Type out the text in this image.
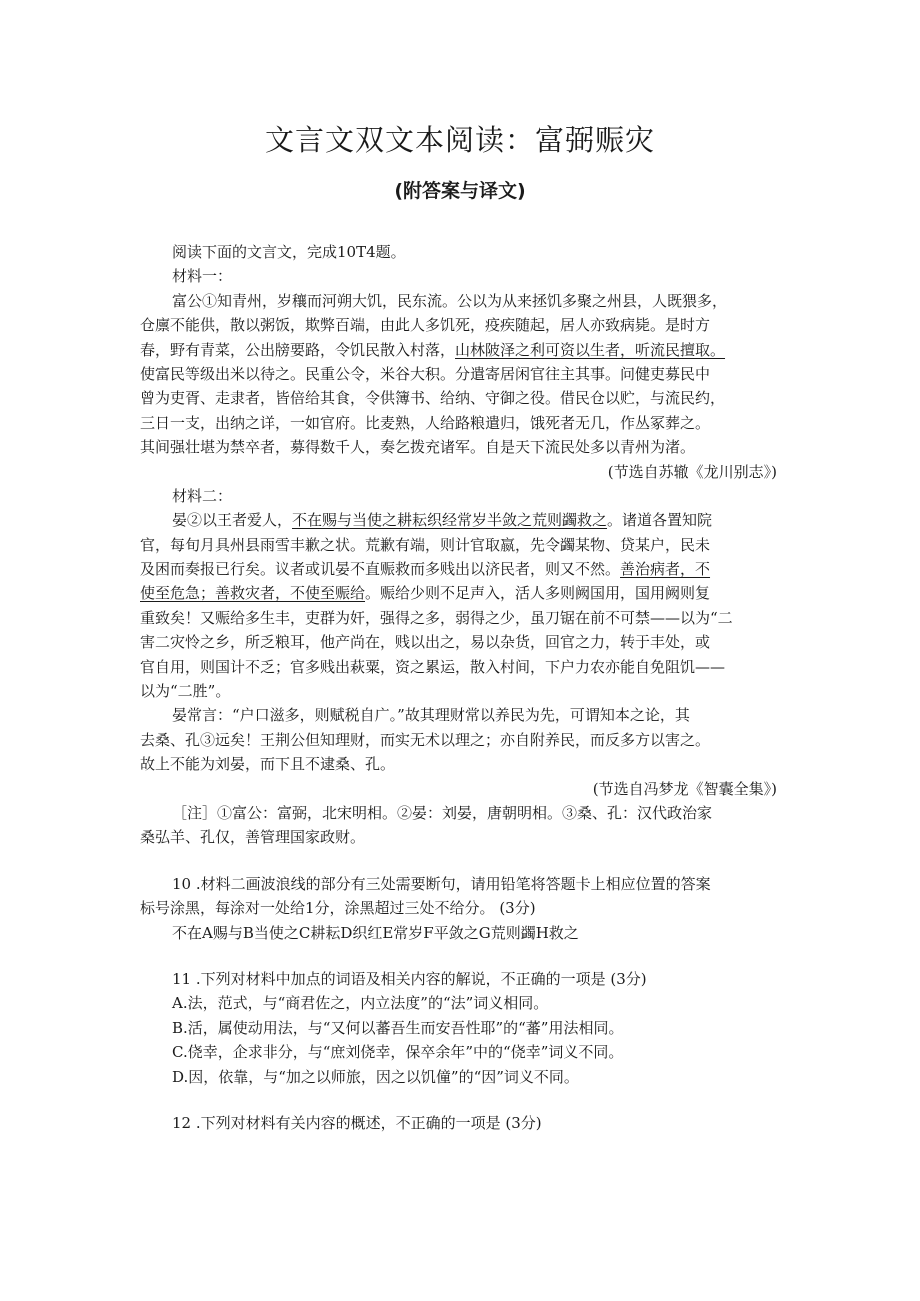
文言文双文本阅读：富弼赈灾
(附答案与译文)
阅读下面的文言文，完成10T4题。
材料一：
富公①知青州，岁穰而河朔大饥，民东流。公以为从来拯饥多聚之州县，人既猥多，
仓廪不能供，散以粥饭，欺弊百端，由此人多饥死，疫疾随起，居人亦致病毙。是时方
春，野有青菜，公出牓要路，令饥民散入村落，山林陂泽之利可资以生者，听流民擅取。
使富民等级出米以待之。民重公令，米谷大积。分遣寄居闲官往主其事。问健吏募民中
曾为吏胥、走隶者，皆倍给其食，令供簿书、给纳、守御之役。借民仓以贮，与流民约，
三日一支，出纳之详，一如官府。比麦熟，人给路粮遣归，饿死者无几，作丛冢葬之。
其间强壮堪为禁卒者，募得数千人，奏乞拨充诸军。自是天下流民处多以青州为渚。
(节选自苏辙《龙川别志》)
材料二：
晏②以王者爱人，不在赐与当使之耕耘织经常岁半敛之荒则蠲救之。诸道各置知院
官，每旬月具州县雨雪丰歉之状。荒歉有端，则计官取嬴，先令蠲某物、贷某户，民未
及困而奏报已行矣。议者或讥晏不直赈救而多贱出以济民者，则又不然。善治病者，不
使至危急；善救灾者，不使至赈给。赈给少则不足声入，活人多则阙国用，国用阙则复
重致矣！又赈给多生丰，吏群为奸，强得之多，弱得之少，虽刀锯在前不可禁——以为“二
害二灾怜之乡，所乏粮耳，他产尚在，贱以出之，易以杂货，回官之力，转于丰处，或
官自用，则国计不乏；官多贱出萩粟，资之累运，散入村间，下户力农亦能自免阻饥——
以为“二胜”。
晏常言：“户口滋多，则赋税自广。”故其理财常以养民为先，可谓知本之论，其
去桑、孔③远矣！王荆公但知理财，而实无术以理之；亦自附养民，而反多方以害之。
故上不能为刘晏，而下且不逮桑、孔。
(节选自冯梦龙《智囊全集》)
［注］①富公：富弼，北宋明相。②晏：刘晏，唐朝明相。③桑、孔：汉代政治家
桑弘羊、孔仅，善管理国家政财。
10 .材料二画波浪线的部分有三处需要断句，请用铅笔将答题卡上相应位置的答案
标号涂黑，每涂对一处给1分，涂黑超过三处不给分。 (3分)
不在A赐与B当使之C耕耘D织红E常岁F平敛之G荒则蠲H救之
11 .下列对材料中加点的词语及相关内容的解说，不正确的一项是 (3分)
A.法，范式，与“商君佐之，内立法度”的“法”词义相同。
B.活，属使动用法，与“又何以蕃吾生而安吾性耶”的“蕃”用法相同。
C.侥幸，企求非分，与“庶刘侥幸，保卒余年”中的“侥幸”词义不同。
D.因，依靠，与“加之以师旅，因之以饥僮”的“因”词义不同。
12 .下列对材料有关内容的概述，不正确的一项是 (3分)
